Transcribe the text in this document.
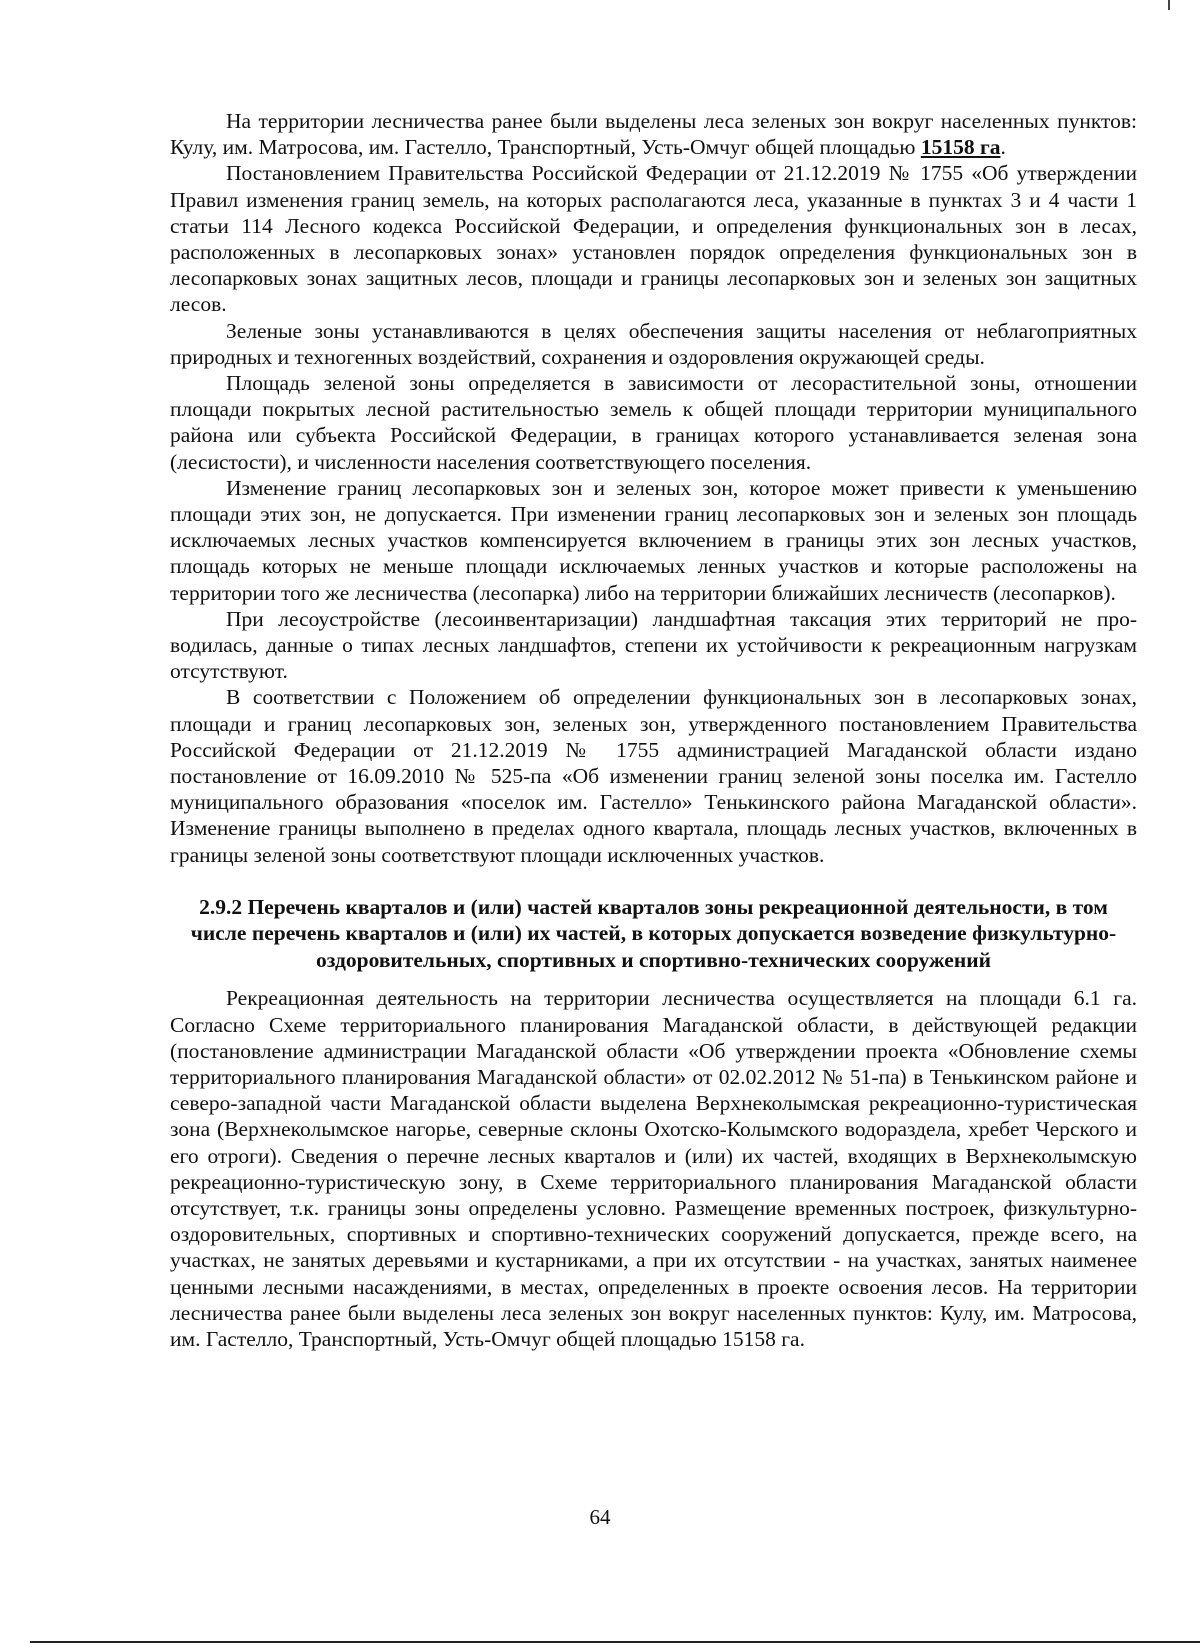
На территории лесничества ранее были выделены леса зеленых зон вокруг населенных пунктов: Кулу, им. Матросова, им. Гастелло, Транспортный, Усть-Омчуг общей площадью 15158 га.

Постановлением Правительства Российской Федерации от 21.12.2019 № 1755 «Об утверждении Правил изменения границ земель, на которых располагаются леса, указанные в пунктах 3 и 4 части 1 статьи 114 Лесного кодекса Российской Федерации, и определения функциональных зон в лесах, расположенных в лесопарковых зонах» установлен порядок определения функциональных зон в лесопарковых зонах защитных лесов, площади и границы лесопарковых зон и зеленых зон защитных лесов.

Зеленые зоны устанавливаются в целях обеспечения защиты населения от неблагоприятных природных и техногенных воздействий, сохранения и оздоровления окружающей среды.

Площадь зеленой зоны определяется в зависимости от лесорастительной зоны, отношении площади покрытых лесной растительностью земель к общей площади территории муниципального района или субъекта Российской Федерации, в границах которого устанавливается зеленая зона (лесистости), и численности населения соответствующего поселения.

Изменение границ лесопарковых зон и зеленых зон, которое может привести к уменьшению площади этих зон, не допускается. При изменении границ лесопарковых зон и зеленых зон площадь исключаемых лесных участков компенсируется включением в границы этих зон лесных участков, площадь которых не меньше площади исключаемых ленных участков и которые расположены на территории того же лесничества (лесопарка) либо на территории ближайших лесничеств (лесопарков).

При лесоустройстве (лесоинвентаризации) ландшафтная таксация этих территорий не проводилась, данные о типах лесных ландшафтов, степени их устойчивости к рекреационным нагрузкам отсутствуют.

В соответствии с Положением об определении функциональных зон в лесопарковых зонах, площади и границ лесопарковых зон, зеленых зон, утвержденного постановлением Правительства Российской Федерации от 21.12.2019 № 1755 администрацией Магаданской области издано постановление от 16.09.2010 № 525-па «Об изменении границ зеленой зоны поселка им. Гастелло муниципального образования «поселок им. Гастелло» Тенькинского района Магаданской области». Изменение границы выполнено в пределах одного квартала, площадь лесных участков, включенных в границы зеленой зоны соответствуют площади исключенных участков.

2.9.2 Перечень кварталов и (или) частей кварталов зоны рекреационной деятельности, в том числе перечень кварталов и (или) их частей, в которых допускается возведение физкультурно-оздоровительных, спортивных и спортивно-технических сооружений

Рекреационная деятельность на территории лесничества осуществляется на площади 6.1 га. Согласно Схеме территориального планирования Магаданской области, в действующей редакции (постановление администрации Магаданской области «Об утверждении проекта «Обновление схемы территориального планирования Магаданской области» от 02.02.2012 № 51-па) в Тенькинском районе и северо-западной части Магаданской области выделена Верхнеколымская рекреационно-туристическая зона (Верхнеколымское нагорье, северные склоны Охотско-Колымского водораздела, хребет Черского и его отроги). Сведения о перечне лесных кварталов и (или) их частей, входящих в Верхнеколымскую рекреационно-туристическую зону, в Схеме территориального планирования Магаданской области отсутствует, т.к. границы зоны определены условно. Размещение временных построек, физкультурно-оздоровительных, спортивных и спортивно-технических сооружений допускается, прежде всего, на участках, не занятых деревьями и кустарниками, а при их отсутствии - на участках, занятых наименее ценными лесными насаждениями, в местах, определенных в проекте освоения лесов. На территории лесничества ранее были выделены леса зеленых зон вокруг населенных пунктов: Кулу, им. Матросова, им. Гастелло, Транспортный, Усть-Омчуг общей площадью 15158 га.

64
